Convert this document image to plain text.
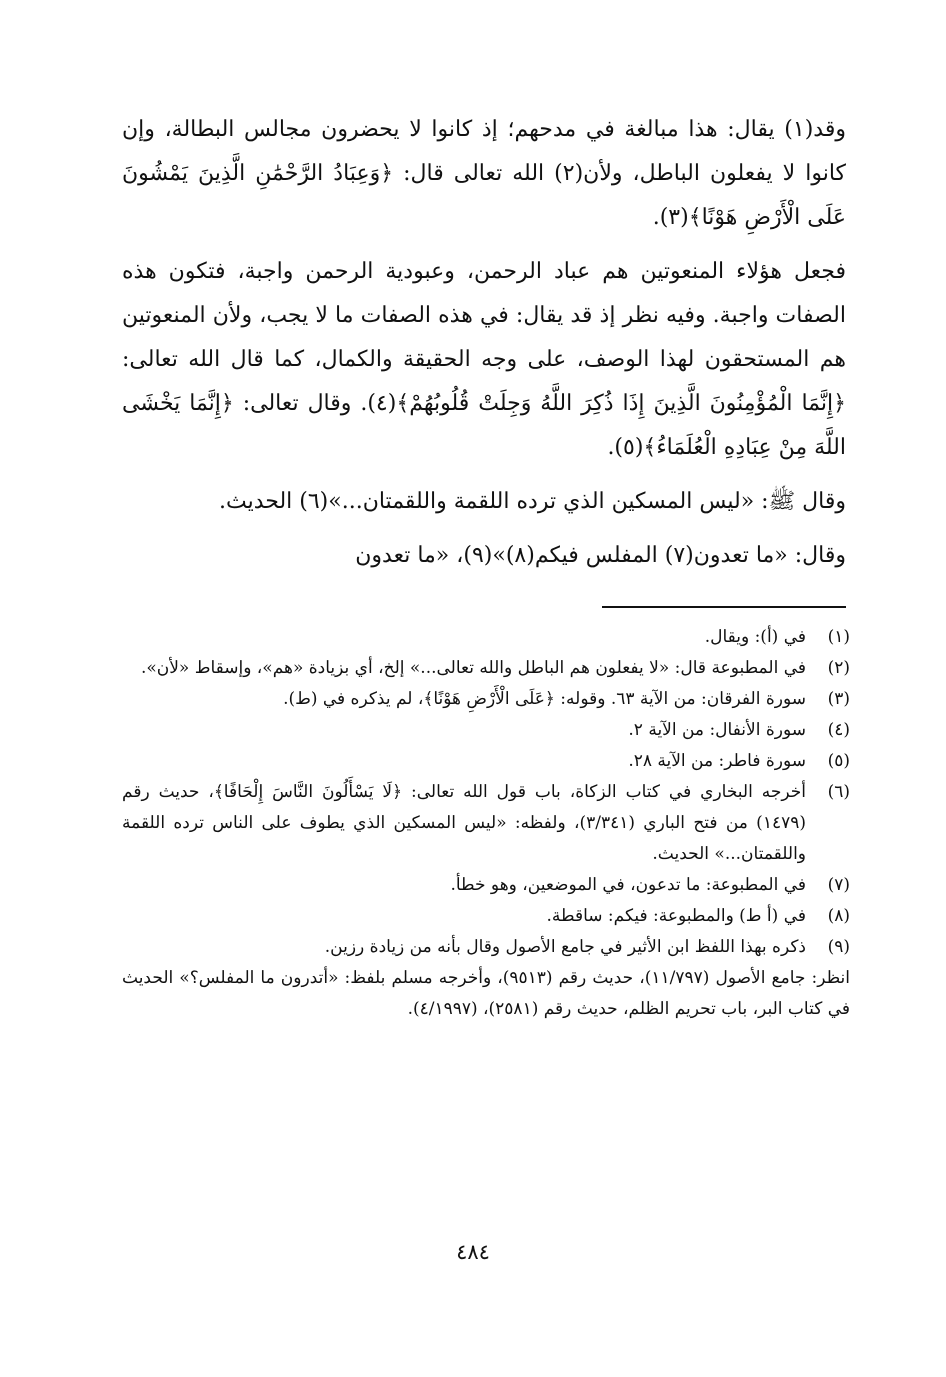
وقد(١) يقال: هذا مبالغة في مدحهم؛ إذ كانوا لا يحضرون مجالس البطالة، وإن كانوا لا يفعلون الباطل، ولأن(٢) الله تعالى قال: ﴿وَعِبَادُ الرَّحْمَٰنِ الَّذِينَ يَمْشُونَ عَلَى الْأَرْضِ هَوْنًا﴾(٣).

فجعل هؤلاء المنعوتين هم عباد الرحمن، وعبودية الرحمن واجبة، فتكون هذه الصفات واجبة. وفيه نظر إذ قد يقال: في هذه الصفات ما لا يجب، ولأن المنعوتين هم المستحقون لهذا الوصف، على وجه الحقيقة والكمال، كما قال الله تعالى: ﴿إِنَّمَا الْمُؤْمِنُونَ الَّذِينَ إِذَا ذُكِرَ اللَّهُ وَجِلَتْ قُلُوبُهُمْ﴾(٤). وقال تعالى: ﴿إِنَّمَا يَخْشَى اللَّهَ مِنْ عِبَادِهِ الْعُلَمَاءُ﴾(٥).

وقال ﷺ: «ليس المسكين الذي ترده اللقمة واللقمتان...»(٦) الحديث.

وقال: «ما تعدون(٧) المفلس فيكم(٨)»(٩)، «ما تعدون

(١)
في (أ): ويقال.
(٢)
في المطبوعة قال: «لا يفعلون هم الباطل والله تعالى...» إلخ، أي بزيادة «هم»، وإسقاط «لأن».
(٣)
سورة الفرقان: من الآية ٦٣. وقوله: ﴿عَلَى الْأَرْضِ هَوْنًا﴾، لم يذكره في (ط).
(٤)
سورة الأنفال: من الآية ٢.
(٥)
سورة فاطر: من الآية ٢٨.
(٦)
أخرجه البخاري في كتاب الزكاة، باب قول الله تعالى: ﴿لَا يَسْأَلُونَ النَّاسَ إِلْحَافًا﴾، حديث رقم (١٤٧٩) من فتح الباري (٣/٣٤١)، ولفظه: «ليس المسكين الذي يطوف على الناس ترده اللقمة واللقمتان...» الحديث.
(٧)
في المطبوعة: ما تدعون، في الموضعين، وهو خطأ.
(٨)
في (أ ط) والمطبوعة: فيكم: ساقطة.
(٩)
ذكره بهذا اللفظ ابن الأثير في جامع الأصول وقال بأنه من زيادة رزين.
انظر: جامع الأصول (١١/٧٩٧)، حديث رقم (٩٥١٣)، وأخرجه مسلم بلفظ: «أتدرون ما المفلس؟» الحديث في كتاب البر، باب تحريم الظلم، حديث رقم (٢٥٨١)، (٤/١٩٩٧).
٤٨٤
